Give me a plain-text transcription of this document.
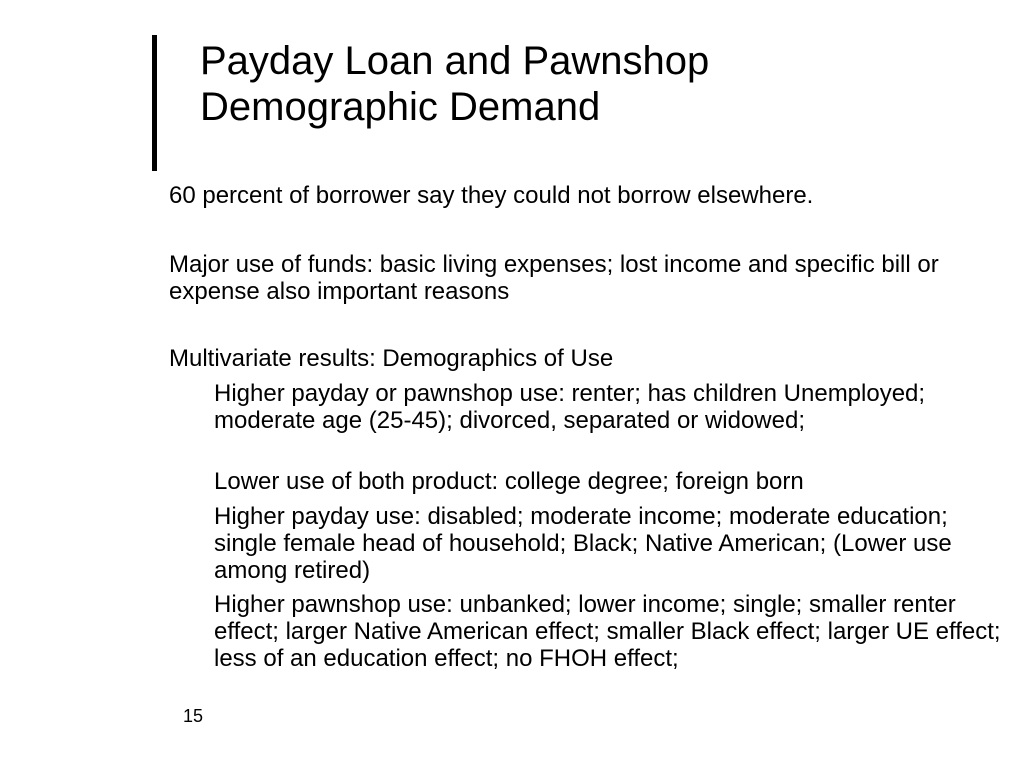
Payday Loan and Pawnshop
Demographic Demand
60 percent of borrower say they could not borrow elsewhere.
Major use of funds: basic living expenses; lost income and specific bill or expense also important reasons
Multivariate results: Demographics of Use
Higher payday or pawnshop use: renter; has children Unemployed; moderate age (25-45); divorced, separated or widowed;
Lower use of both product: college degree; foreign born
Higher payday use: disabled; moderate income; moderate education; single female head of household; Black; Native American; (Lower use among retired)
Higher pawnshop use: unbanked; lower income; single; smaller renter effect; larger Native American effect; smaller Black effect; larger UE effect; less of an education effect; no FHOH effect;
15
